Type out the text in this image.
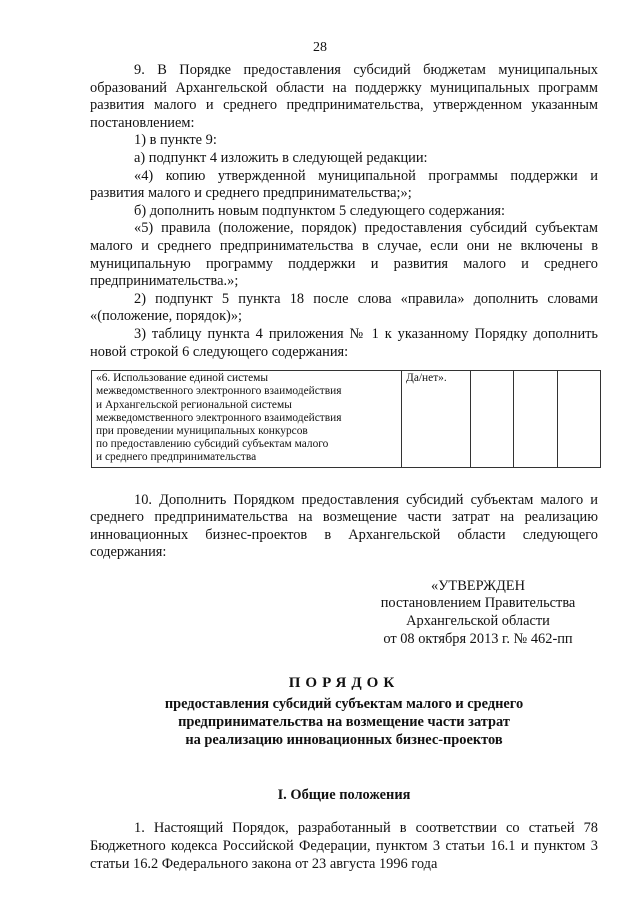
28

9. В Порядке предоставления субсидий бюджетам муниципальных образований Архангельской области на поддержку муниципальных программ развития малого и среднего предпринимательства, утвержденном указанным постановлением:

1) в пункте 9:

а) подпункт 4 изложить в следующей редакции:

«4) копию утвержденной муниципальной программы поддержки и развития малого и среднего предпринимательства;»;

б) дополнить новым подпунктом 5 следующего содержания:

«5) правила (положение, порядок) предоставления субсидий субъектам малого и среднего предпринимательства в случае, если они не включены в муниципальную программу поддержки и развития малого и среднего предпринимательства.»;

2) подпункт 5 пункта 18 после слова «правила» дополнить словами «(положение, порядок)»;

3) таблицу пункта 4 приложения № 1 к указанному Порядку дополнить новой строкой 6 следующего содержания:

«6. Использование единой системы
межведомственного электронного взаимодействия
и Архангельской региональной системы
межведомственного электронного взаимодействия
при проведении муниципальных конкурсов
по предоставлению субсидий субъектам малого
и среднего предпринимательства
	Да/нет».			

10. Дополнить Порядком предоставления субсидий субъектам малого и среднего предпринимательства на возмещение части затрат на реализацию инновационных бизнес-проектов в Архангельской области следующего содержания:

«УТВЕРЖДЕН
постановлением Правительства
Архангельской области
от 08 октября 2013 г. № 462-пп
ПОРЯДОК
предоставления субсидий субъектам малого и среднего
предпринимательства на возмещение части затрат
на реализацию инновационных бизнес-проектов
I. Общие положения

1. Настоящий Порядок, разработанный в соответствии со статьей 78 Бюджетного кодекса Российской Федерации, пунктом 3 статьи 16.1 и пунктом 3 статьи 16.2 Федерального закона от 23 августа 1996 года
